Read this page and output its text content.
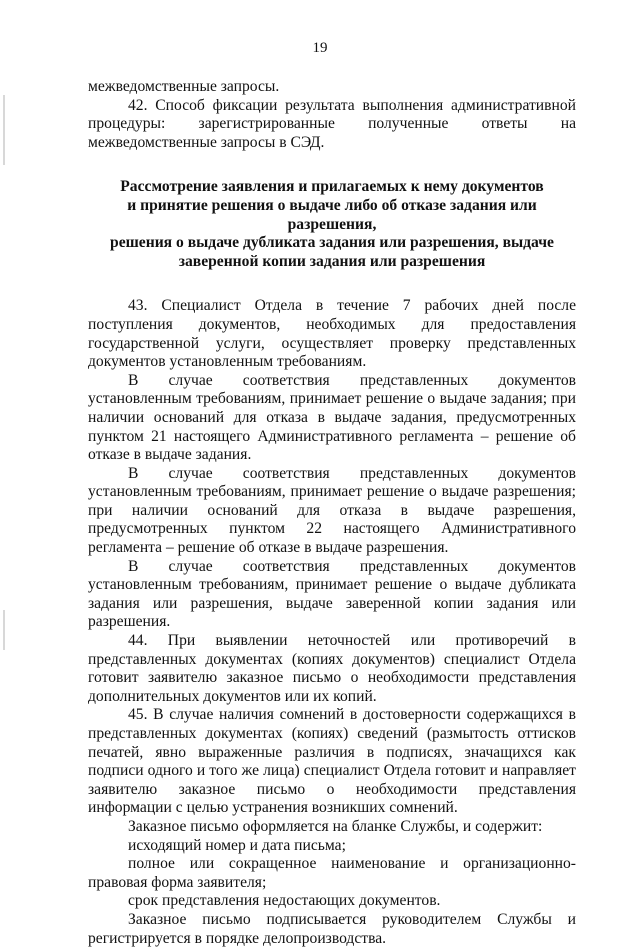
19

межведомственные запросы.

42. Способ фиксации результата выполнения административной процедуры: зарегистрированные полученные ответы на межведомственные запросы в СЭД.

Рассмотрение заявления и прилагаемых к нему документов
и принятие решения о выдаче либо об отказе задания или разрешения,
решения о выдаче дубликата задания или разрешения, выдаче
заверенной копии задания или разрешения

43. Специалист Отдела в течение 7 рабочих дней после поступления документов, необходимых для предоставления государственной услуги, осуществляет проверку представленных документов установленным требованиям.

В случае соответствия представленных документов установленным требованиям, принимает решение о выдаче задания; при наличии оснований для отказа в выдаче задания, предусмотренных пунктом 21 настоящего Административного регламента – решение об отказе в выдаче задания.

В случае соответствия представленных документов установленным требованиям, принимает решение о выдаче разрешения; при наличии оснований для отказа в выдаче разрешения, предусмотренных пунктом 22 настоящего Административного регламента – решение об отказе в выдаче разрешения.

В случае соответствия представленных документов установленным требованиям, принимает решение о выдаче дубликата задания или разрешения, выдаче заверенной копии задания или разрешения.

44. При выявлении неточностей или противоречий в представленных документах (копиях документов) специалист Отдела готовит заявителю заказное письмо о необходимости представления дополнительных документов или их копий.

45. В случае наличия сомнений в достоверности содержащихся в представленных документах (копиях) сведений (размытость оттисков печатей, явно выраженные различия в подписях, значащихся как подписи одного и того же лица) специалист Отдела готовит и направляет заявителю заказное письмо о необходимости представления информации с целью устранения возникших сомнений.

Заказное письмо оформляется на бланке Службы, и содержит:

исходящий номер и дата письма;

полное или сокращенное наименование и организационно-правовая форма заявителя;

срок представления недостающих документов.

Заказное письмо подписывается руководителем Службы и регистрируется в порядке делопроизводства.
